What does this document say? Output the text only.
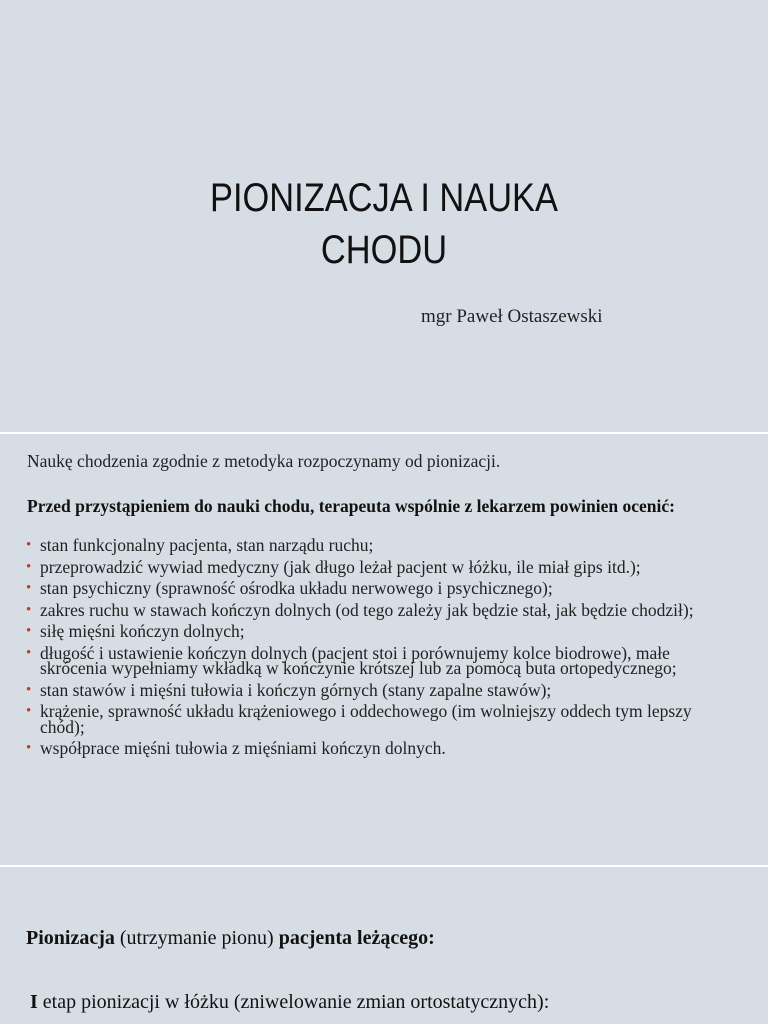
PIONIZACJA I NAUKA
CHODU
mgr Paweł Ostaszewski
Naukę chodzenia zgodnie z metodyka rozpoczynamy od pionizacji.
Przed przystąpieniem do nauki chodu, terapeuta wspólnie z lekarzem powinien ocenić:
• stan funkcjonalny pacjenta, stan narządu ruchu;
• przeprowadzić wywiad medyczny (jak długo leżał pacjent w łóżku, ile miał gips itd.);
• stan psychiczny (sprawność ośrodka układu nerwowego i psychicznego);
• zakres ruchu w stawach kończyn dolnych (od tego zależy jak będzie stał, jak będzie chodził);
• siłę mięśni kończyn dolnych;
• długość i ustawienie kończyn dolnych (pacjent stoi i porównujemy kolce biodrowe), małe skrócenia wypełniamy wkładką w kończynie krótszej lub za pomocą buta ortopedycznego;
• stan stawów i mięśni tułowia i kończyn górnych (stany zapalne stawów);
• krążenie, sprawność układu krążeniowego i oddechowego (im wolniejszy oddech tym lepszy chód);
• współprace mięśni tułowia z mięśniami kończyn dolnych.
Pionizacja (utrzymanie pionu) pacjenta leżącego:
I etap pionizacji w łóżku (zniwelowanie zmian ortostatycznych):
